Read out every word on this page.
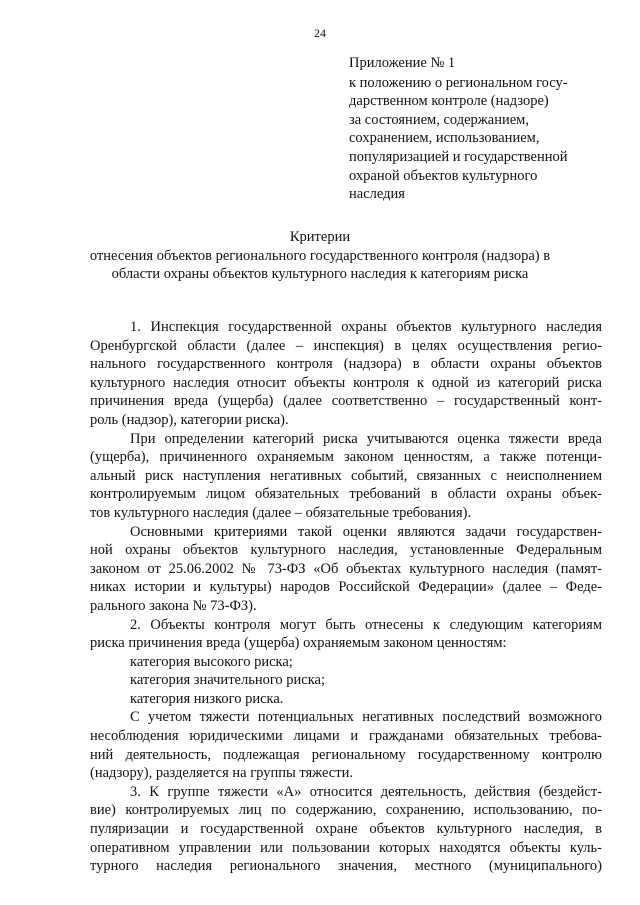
24
Приложение № 1
к положению о региональном госу-
дарственном контроле (надзоре)
за состоянием, содержанием,
сохранением, использованием,
популяризацией и государственной
охраной объектов культурного
наследия
Критерии
отнесения объектов регионального государственного контроля (надзора) в
области охраны объектов культурного наследия к категориям риска
1. Инспекция государственной охраны объектов культурного наследия
Оренбургской области (далее – инспекция) в целях осуществления регио-
нального государственного контроля (надзора) в области охраны объектов
культурного наследия относит объекты контроля к одной из категорий риска
причинения вреда (ущерба) (далее соответственно – государственный конт-
роль (надзор), категории риска).
При определении категорий риска учитываются оценка тяжести вреда
(ущерба), причиненного охраняемым законом ценностям, а также потенци-
альный риск наступления негативных событий, связанных с неисполнением
контролируемым лицом обязательных требований в области охраны объек-
тов культурного наследия (далее – обязательные требования).
Основными критериями такой оценки являются задачи государствен-
ной охраны объектов культурного наследия, установленные Федеральным
законом от 25.06.2002 № 73-ФЗ «Об объектах культурного наследия (памят-
никах истории и культуры) народов Российской Федерации» (далее – Феде-
рального закона № 73-ФЗ).
2. Объекты контроля могут быть отнесены к следующим категориям
риска причинения вреда (ущерба) охраняемым законом ценностям:
категория высокого риска;
категория значительного риска;
категория низкого риска.
С учетом тяжести потенциальных негативных последствий возможного
несоблюдения юридическими лицами и гражданами обязательных требова-
ний деятельность, подлежащая региональному государственному контролю
(надзору), разделяется на группы тяжести.
3. К группе тяжести «А» относится деятельность, действия (бездейст-
вие) контролируемых лиц по содержанию, сохранению, использованию, по-
пуляризации и государственной охране объектов культурного наследия, в
оперативном управлении или пользовании которых находятся объекты куль-
турного наследия регионального значения, местного (муниципального)
